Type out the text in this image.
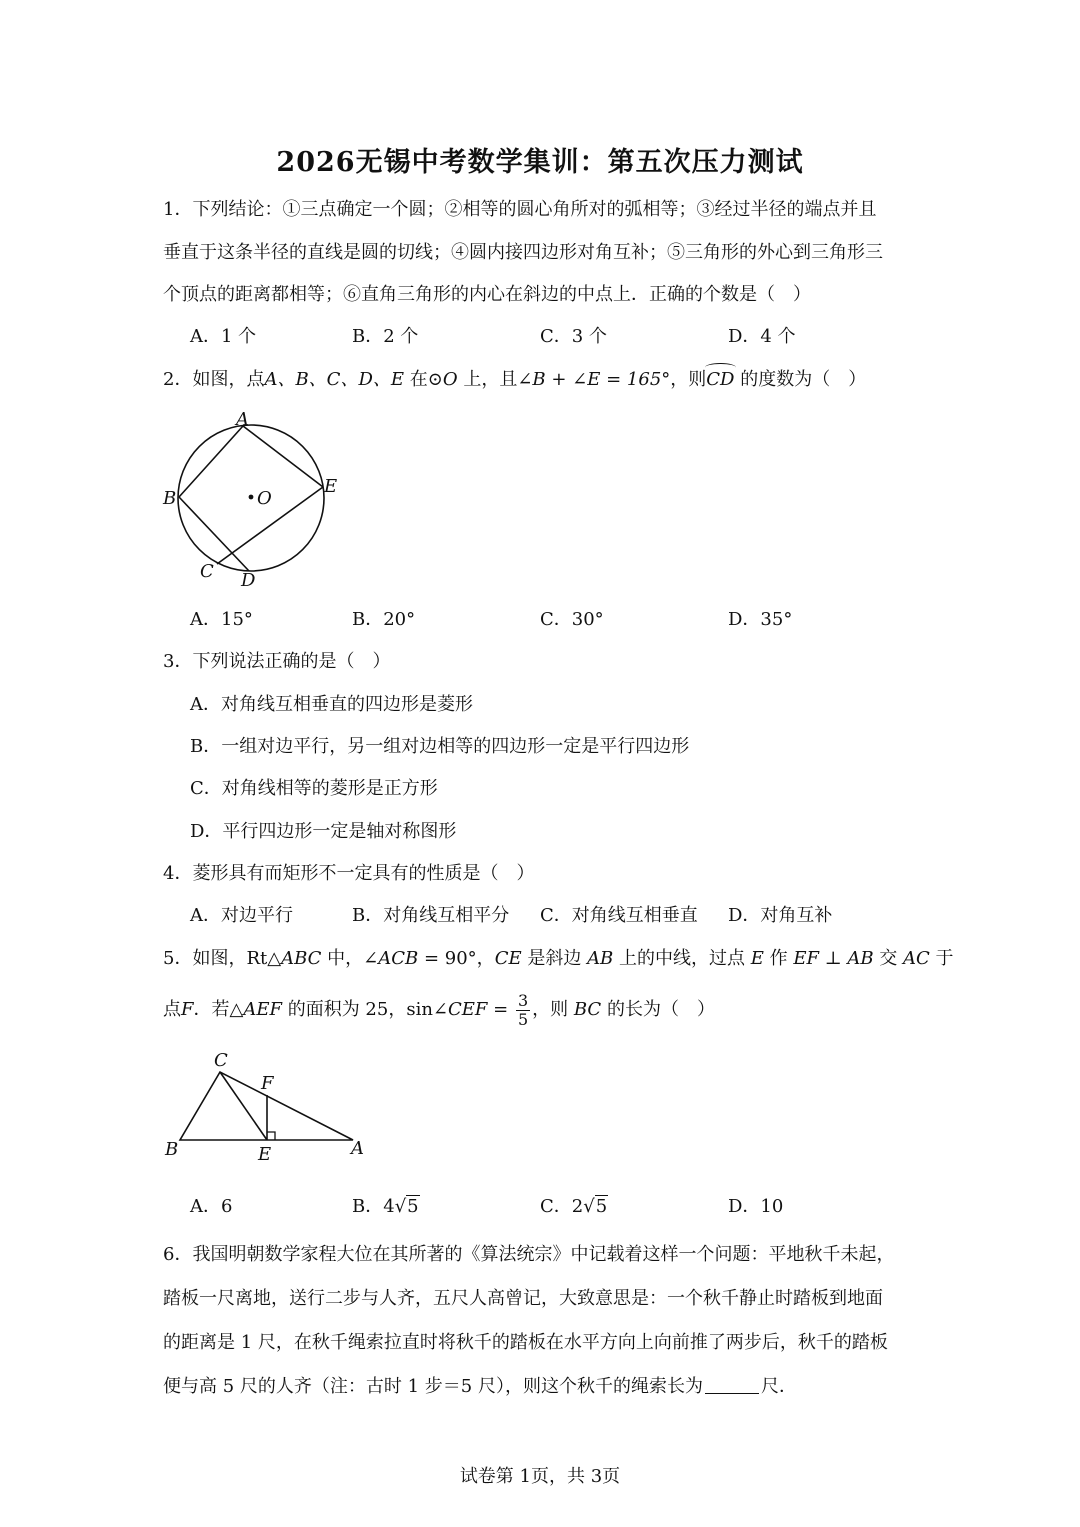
2026无锡中考数学集训：第五次压力测试
1．下列结论：①三点确定一个圆；②相等的圆心角所对的弧相等；③经过半径的端点并且
垂直于这条半径的直线是圆的切线；④圆内接四边形对角互补；⑤三角形的外心到三角形三
个顶点的距离都相等；⑥直角三角形的内心在斜边的中点上．正确的个数是（　）
A．1 个	B．2 个	C．3 个	D．4 个
2．如图，点A、B、C、D、E 在⊙O 上，且∠B + ∠E = 165°，则CD 的度数为（　）
A
B
C D
E
O
A．15°	B．20°	C．30°	D．35°
3．下列说法正确的是（　）
A．对角线互相垂直的四边形是菱形
B．一组对边平行，另一组对边相等的四边形一定是平行四边形
C．对角线相等的菱形是正方形
D．平行四边形一定是轴对称图形
4．菱形具有而矩形不一定具有的性质是（　）
A．对边平行	B．对角线互相平分 C．对角线互相垂直 D．对角互补
5．如图，Rt△ABC 中，∠ACB = 90°，CE 是斜边 AB 上的中线，过点 E 作 EF ⊥ AB 交 AC 于
点F．若△AEF 的面积为 25，sin∠CEF = $\frac{3}{5}$ ，则 BC 的长为（　）
C
F
B	E	A
A．6	B．4√5	C．2√5	D．10
6．我国明朝数学家程大位在其所著的《算法统宗》中记载着这样一个问题：平地秋千未起，
踏板一尺离地，送行二步与人齐，五尺人高曾记，大致意思是：一个秋千静止时踏板到地面
的距离是 1 尺，在秋千绳索拉直时将秋千的踏板在水平方向上向前推了两步后，秋千的踏板
便与高 5 尺的人齐（注：古时 1 步＝5 尺），则这个秋千的绳索长为	尺．
试卷第 1页，共 3页
